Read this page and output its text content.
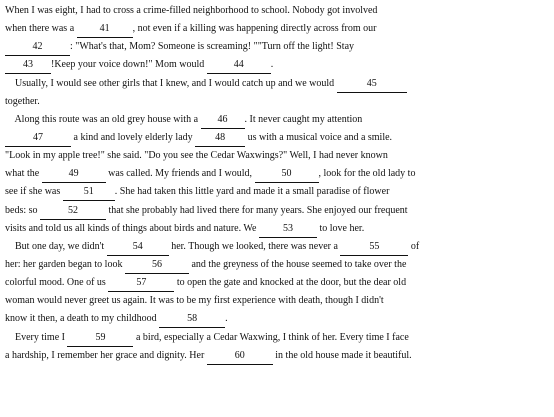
When I was eight, I had to cross a crime-filled neighborhood to school. Nobody got involved
when there was a 41 , not even if a killing was happening directly across from our
42	: "What's that, Mom? Someone is screaming! ""Turn off the light! Stay
43 !Keep your voice down!" Mom would	44	.
Usually, I would see other girls that I knew, and I would catch up and we would	45
together.
Along this route was an old grey house with a 46 . It never caught my attention
47	a kind and lovely elderly lady 48 us with a musical voice and a smile.
"Look in my apple tree!" she said. "Do you see the Cedar Waxwings?" Well, I had never known
what the	49	was called. My friends and I would,	50	, look for the old lady to
see if she was 51 . She had taken this little yard and made it a small paradise of flower
beds: so	52	that she probably had lived there for many years. She enjoyed our frequent
visits and told us all kinds of things about birds and nature. We 53 to love her.
But one day, we didn't	54	her. Though we looked, there was never a	55	of
her: her garden began to look	56	and the greyness of the house seemed to take over the
colorful mood. One of us	57	to open the gate and knocked at the door, but the dear old
woman would never greet us again. It was to be my first experience with death, though I didn't
know it then, a death to my childhood	58	.
Every time I	59	a bird, especially a Cedar Waxwing, I think of her. Every time I face
a hardship, I remember her grace and dignity. Her	60	in the old house made it beautiful.
